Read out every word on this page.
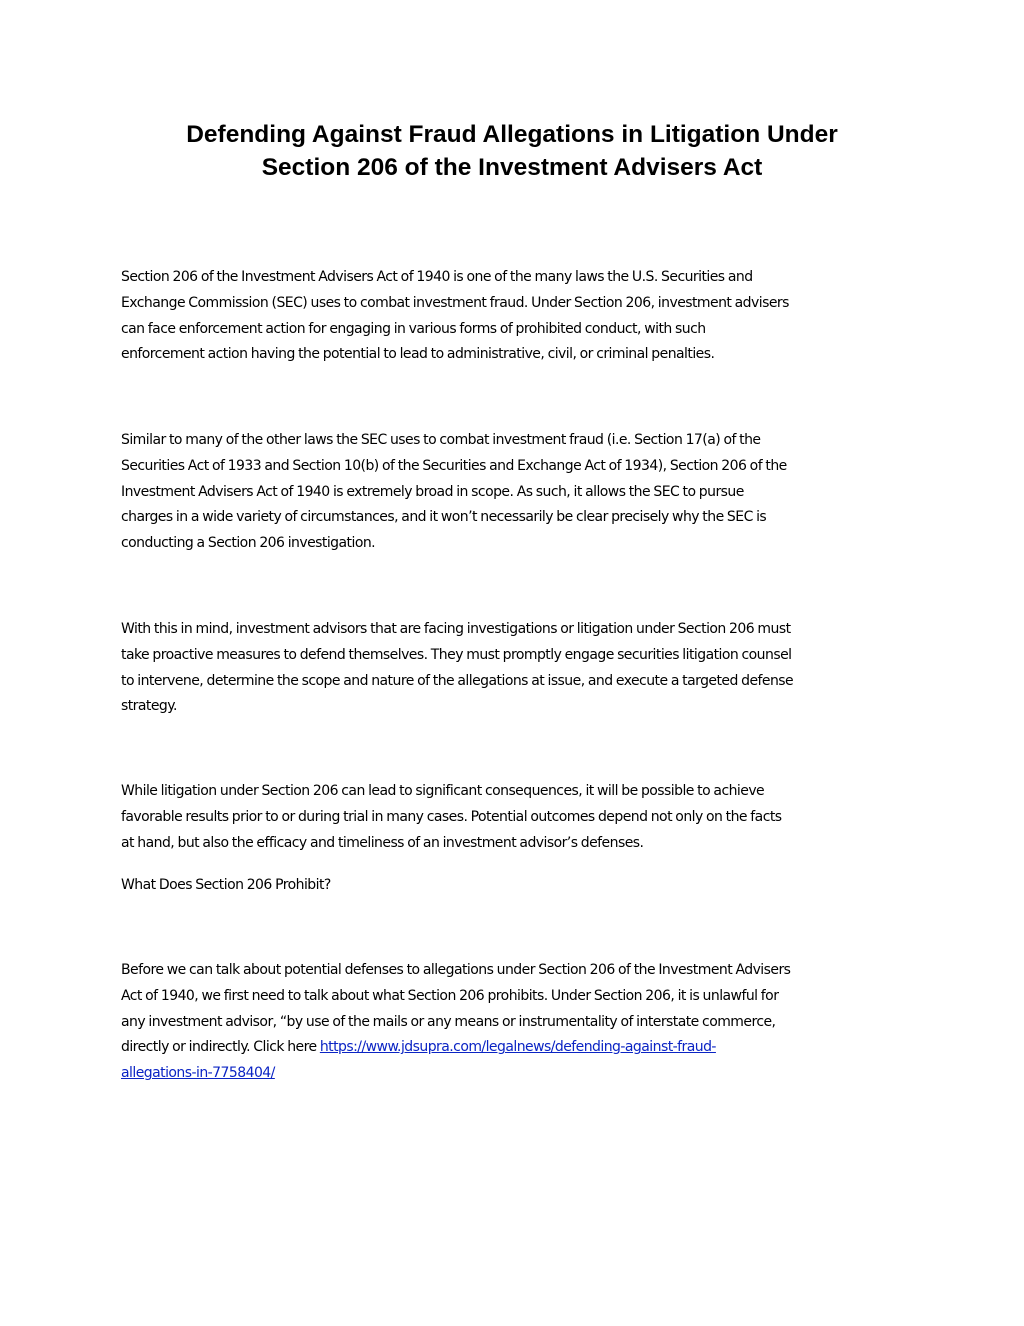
Defending Against Fraud Allegations in Litigation Under
Section 206 of the Investment Advisers Act

Section 206 of the Investment Advisers Act of 1940 is one of the many laws the U.S. Securities and
Exchange Commission (SEC) uses to combat investment fraud. Under Section 206, investment advisers
can face enforcement action for engaging in various forms of prohibited conduct, with such
enforcement action having the potential to lead to administrative, civil, or criminal penalties.

Similar to many of the other laws the SEC uses to combat investment fraud (i.e. Section 17(a) of the
Securities Act of 1933 and Section 10(b) of the Securities and Exchange Act of 1934), Section 206 of the
Investment Advisers Act of 1940 is extremely broad in scope. As such, it allows the SEC to pursue
charges in a wide variety of circumstances, and it won’t necessarily be clear precisely why the SEC is
conducting a Section 206 investigation.

With this in mind, investment advisors that are facing investigations or litigation under Section 206 must
take proactive measures to defend themselves. They must promptly engage securities litigation counsel
to intervene, determine the scope and nature of the allegations at issue, and execute a targeted defense
strategy.

While litigation under Section 206 can lead to significant consequences, it will be possible to achieve
favorable results prior to or during trial in many cases. Potential outcomes depend not only on the facts
at hand, but also the efficacy and timeliness of an investment advisor’s defenses.

What Does Section 206 Prohibit?

Before we can talk about potential defenses to allegations under Section 206 of the Investment Advisers
Act of 1940, we first need to talk about what Section 206 prohibits. Under Section 206, it is unlawful for
any investment advisor, “by use of the mails or any means or instrumentality of interstate commerce,
directly or indirectly. Click here https://www.jdsupra.com/legalnews/defending-against-fraud-
allegations-in-7758404/
